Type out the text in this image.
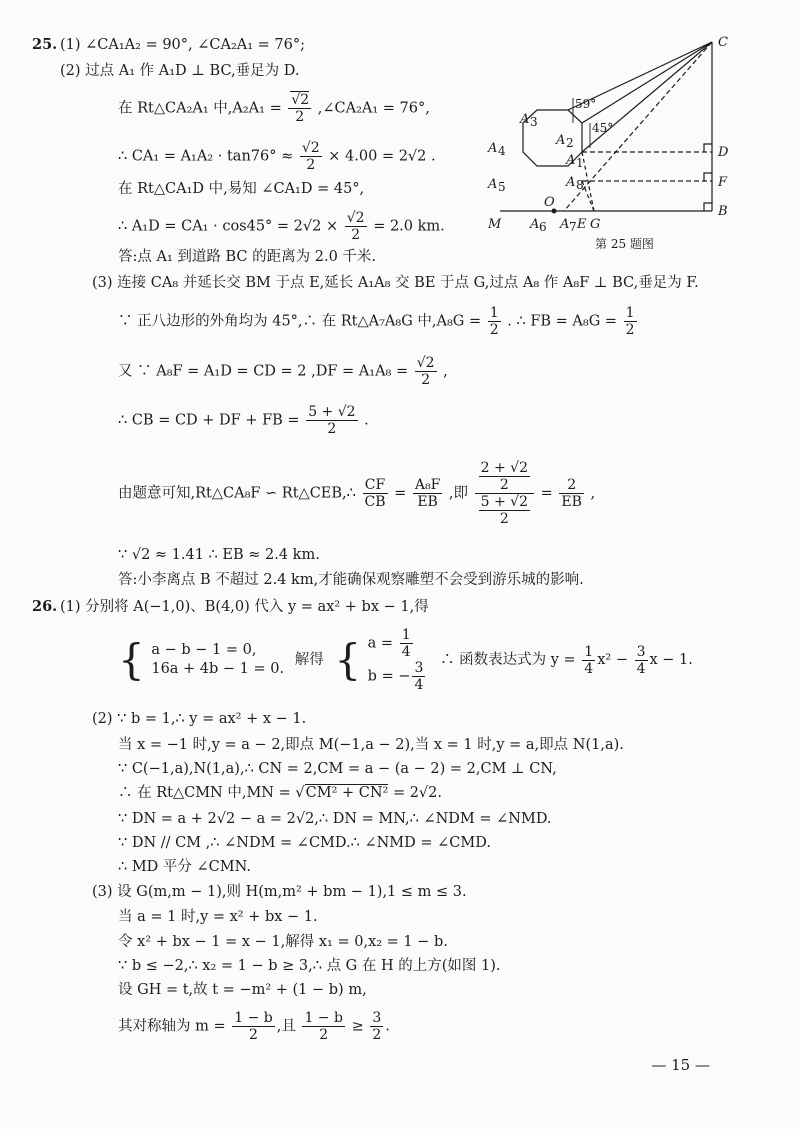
C
D
F
B
M
O
A 6 A 7 E G
A 3
A 2
A 1
A 4
A 5	A 8
59°
45°
第 25 题图
25. (1) ∠CA₁A₂ = 90°, ∠CA₂A₁ = 76°;
(2) 过点 A₁ 作 A₁D ⊥ BC,垂足为 D.
在 Rt△CA₂A₁ 中$,A_2A_1 = \frac{√2}{2}$ ,∠CA₂A₁ = 76°,
∴ $CA_1 = A_1A_2 \cdot \tan 76^\circ \approx \frac{√2}{2} \times 4.00 = 2√2$ .
在 Rt△CA₁D 中,易知 ∠CA₁D = 45°,
∴ $A_1D = CA_1 \cdot \cos 45^\circ = 2√2 \times \frac{√2}{2} = 2.0$ km.
答:点 A₁ 到道路 BC 的距离为 2.0 千米.
(3) 连接 CA₈ 并延长交 BM 于点 E,延长 A₁A₈ 交 BE 于点 G,过点 A₈ 作 A₈F ⊥ BC,垂足为 F.
∵ 正八边形的外角均为 45°,∴ 在 Rt△A₇A₈G 中$,A_8G = \frac{1}{2}$ . ∴ FB = $A_8G = \frac{1}{2}$
又 ∵ A₈F = A₁D = CD = 2 $,DF = A_1A_8 = \frac{√2}{2}$ ,
∴ CB = CD + DF + FB = $\frac{5 + √2}{2}$ .
由题意可知,Rt△CA₈F ∽ Rt△CEB,∴ $\frac{CF}{CB} = \frac{\text{A₈F}}{EB}$ ,即 $\frac{\frac{2 + √2}{2}}{\frac{5 + √2}{2}} = \frac{2}{EB}$ ,
∵ √2 ≈ 1.41 ∴ EB ≈ 2.4 km.
答:小李离点 B 不超过 2.4 km,才能确保观察雕塑不会受到游乐城的影响.
26. (1) 分别将 A(−1,0)、B(4,0) 代入 y = ax² + bx − 1,得
{ a − b − 1 = 0,
16a + 4b − 1 = 0.
解得 { $a = \frac{1}{4}$
b = − $\frac{3}{4}$ ∴ 函数表达式为 $y = \frac{1}{4} x^2 - \frac{3}{4}$ x − 1.
(2) ∵ b = 1,∴ y = ax² + x − 1.
当 x = −1 时,y = a − 2,即点 M(−1,a − 2),当 x = 1 时,y = a,即点 N(1,a).
∵ C(−1,a),N(1,a),∴ CN = 2,CM = a − (a − 2) = 2,CM ⊥ CN,
∴ 在 Rt△CMN 中,MN = √CM² + CN² = 2√2.
∵ DN = a + 2√2 − a = 2√2,∴ DN = MN,∴ ∠NDM = ∠NMD.
∵ DN // CM ,∴ ∠NDM = ∠CMD.∴ ∠NMD = ∠CMD.
∴ MD 平分 ∠CMN.
(3) 设 G(m,m − 1),则 H(m,m² + bm − 1),1 ≤ m ≤ 3.
当 a = 1 时,y = x² + bx − 1.
令 x² + bx − 1 = x − 1,解得 x₁ = 0,x₂ = 1 − b.
∵ b ≤ −2,∴ x₂ = 1 − b ≥ 3,∴ 点 G 在 H 的上方(如图 1).
设 GH = t,故 t = −m² + (1 − b) m,
其对称轴为 $m = \frac{1 - b}{2}$ ,且 $\frac{1 - b}{2} \ge \frac{3}{2}$ .
— 15 —
